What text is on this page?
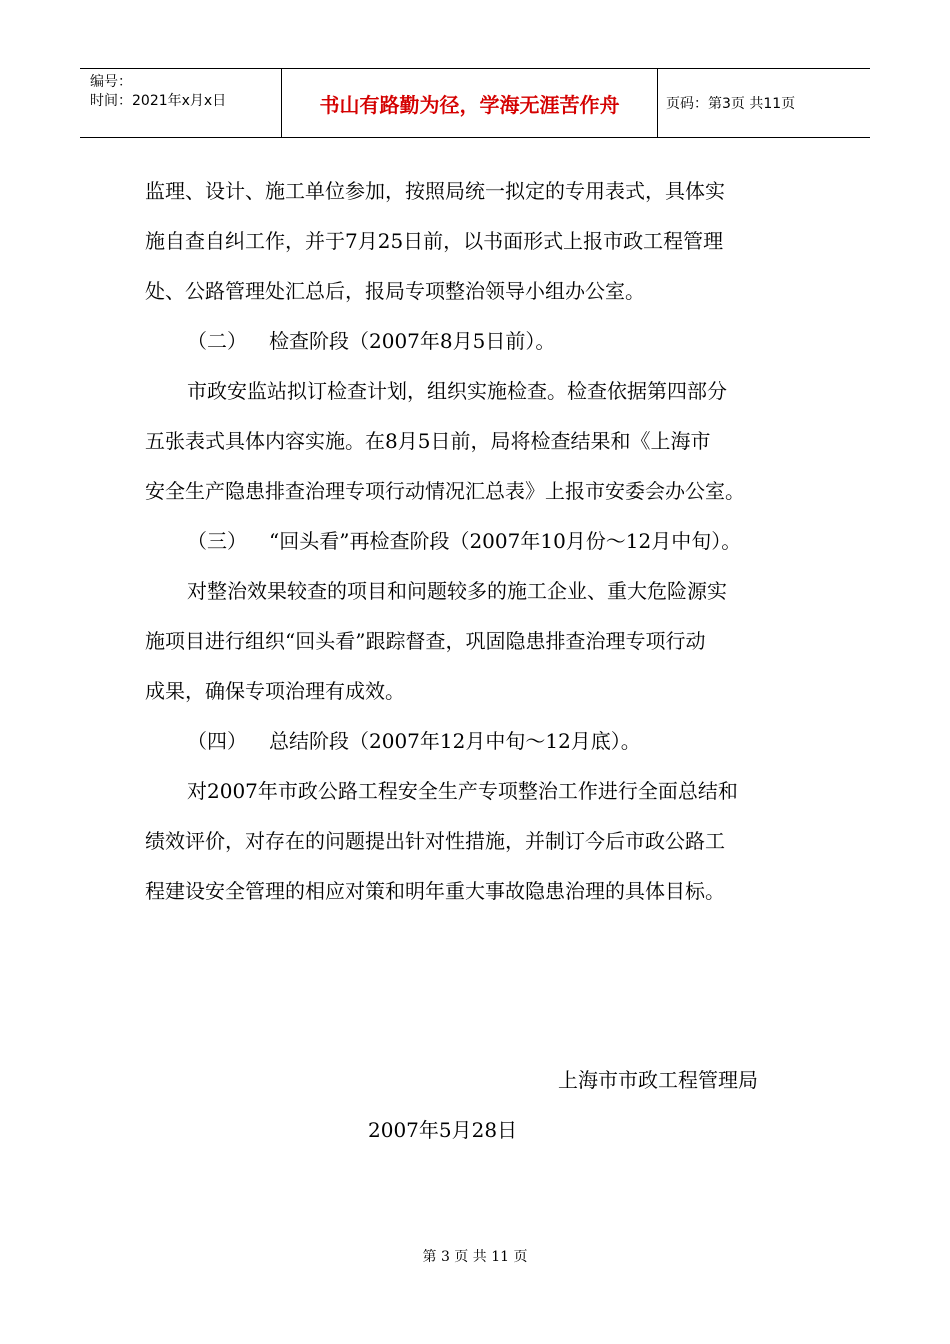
编号：
时间：2021年x月x日	书山有路勤为径，学海无涯苦作舟	页码：第3页 共11页
监理、设计、施工单位参加，按照局统一拟定的专用表式，具体实
施自查自纠工作，并于7月25日前，以书面形式上报市政工程管理
处、公路管理处汇总后，报局专项整治领导小组办公室。
（二） 检查阶段（2007年8月5日前）。
市政安监站拟订检查计划，组织实施检查。检查依据第四部分
五张表式具体内容实施。在8月5日前，局将检查结果和《上海市
安全生产隐患排查治理专项行动情况汇总表》上报市安委会办公室。
（三） “回头看”再检查阶段（2007年10月份～12月中旬）。
对整治效果较查的项目和问题较多的施工企业、重大危险源实
施项目进行组织“回头看”跟踪督查，巩固隐患排查治理专项行动
成果，确保专项治理有成效。
（四） 总结阶段（2007年12月中旬～12月底）。
对2007年市政公路工程安全生产专项整治工作进行全面总结和
绩效评价，对存在的问题提出针对性措施，并制订今后市政公路工
程建设安全管理的相应对策和明年重大事故隐患治理的具体目标。
上海市市政工程管理局
2007年5月28日
第 3 页 共 11 页
